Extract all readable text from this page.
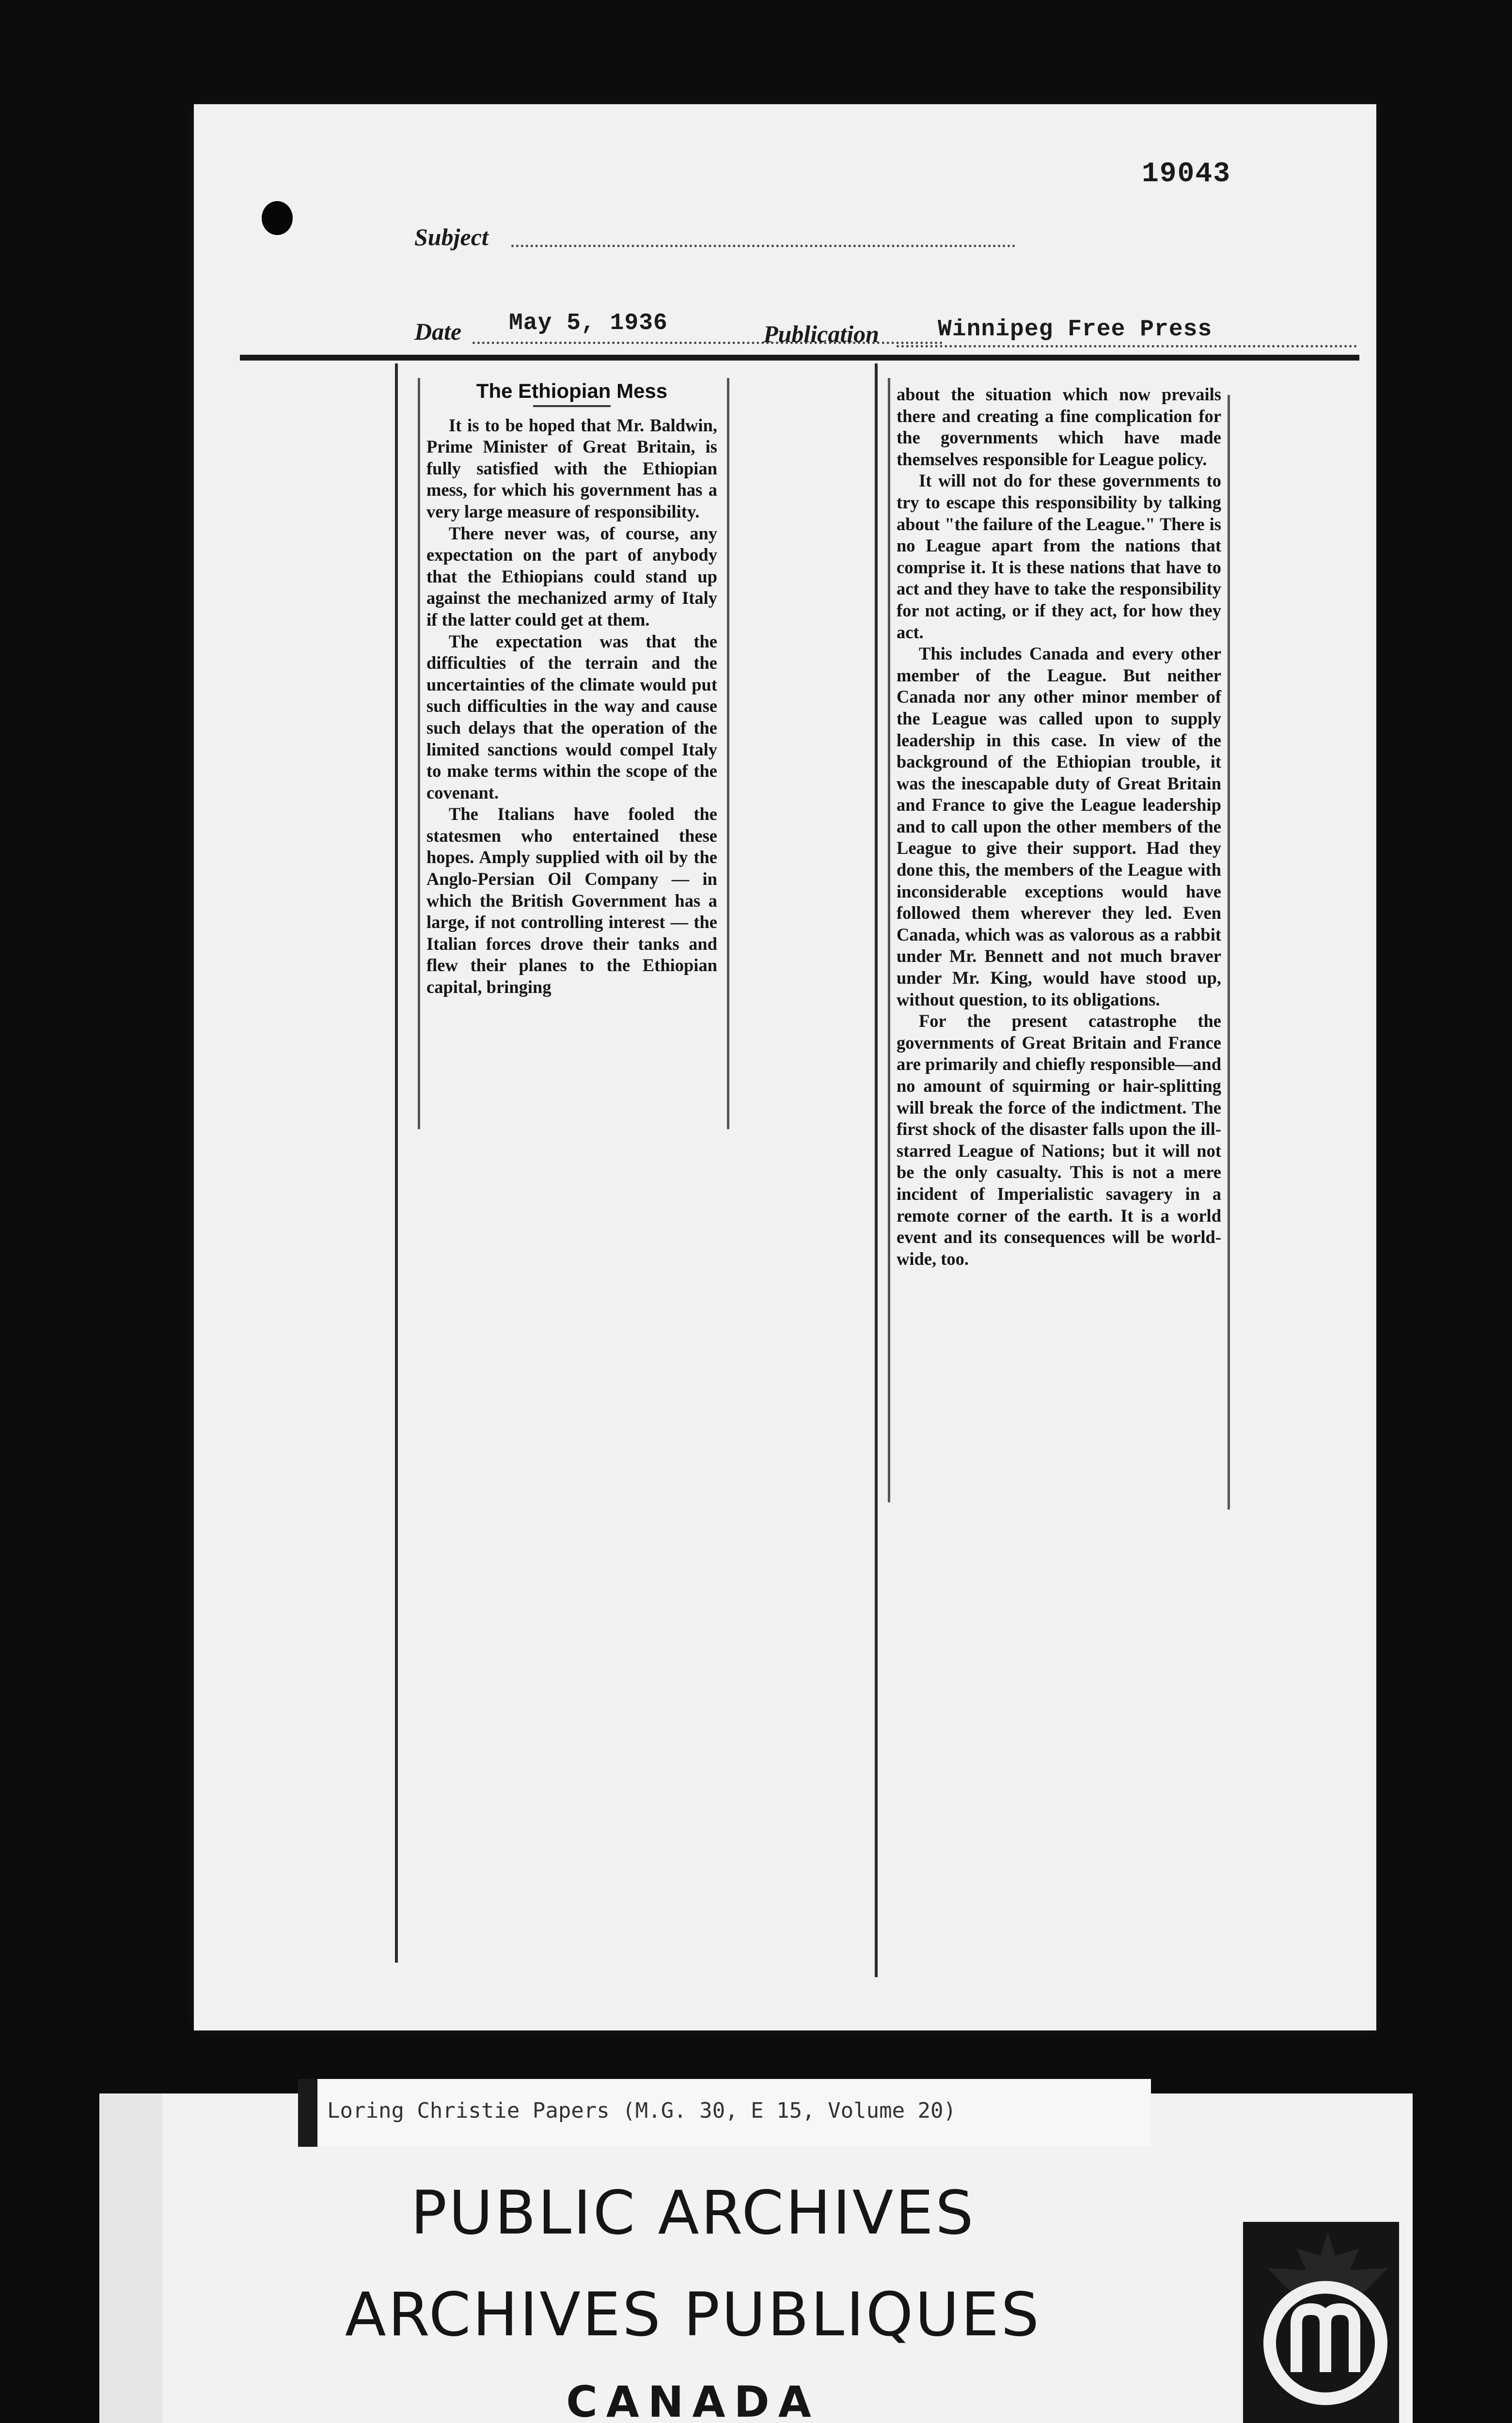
19043
Subject
Date May 5, 1936	Publication	Winnipeg Free Press
The Ethiopian Mess

It is to be hoped that Mr. Baldwin, Prime Minister of Great Britain, is fully satisfied with the Ethiopian mess, for which his government has a very large measure of responsibility.

There never was, of course, any expectation on the part of anybody that the Ethiopians could stand up against the mechanized army of Italy if the latter could get at them.

The expectation was that the difficulties of the terrain and the uncertainties of the climate would put such difficulties in the way and cause such delays that the operation of the limited sanctions would compel Italy to make terms within the scope of the covenant.

The Italians have fooled the statesmen who entertained these hopes. Amply supplied with oil by the Anglo-Persian Oil Company — in which the British Government has a large, if not controlling interest — the Italian forces drove their tanks and flew their planes to the Ethiopian capital, bringing

about the situation which now prevails there and creating a fine complication for the governments which have made themselves responsible for League policy.

It will not do for these governments to try to escape this responsibility by talking about "the failure of the League." There is no League apart from the nations that comprise it. It is these nations that have to act and they have to take the responsibility for not acting, or if they act, for how they act.

This includes Canada and every other member of the League. But neither Canada nor any other minor member of the League was called upon to supply leadership in this case. In view of the background of the Ethiopian trouble, it was the inescapable duty of Great Britain and France to give the League leadership and to call upon the other members of the League to give their support. Had they done this, the members of the League with inconsiderable exceptions would have followed them wherever they led. Even Canada, which was as valorous as a rabbit under Mr. Bennett and not much braver under Mr. King, would have stood up, without question, to its obligations.

For the present catastrophe the governments of Great Britain and France are primarily and chiefly responsible—and no amount of squirming or hair-splitting will break the force of the indictment. The first shock of the disaster falls upon the ill-starred League of Nations; but it will not be the only casualty. This is not a mere incident of Imperialistic savagery in a remote corner of the earth. It is a world event and its consequences will be world-wide, too.

PUBLIC ARCHIVES
ARCHIVES PUBLIQUES
CANADA
Loring Christie Papers (M.G. 30, E 15, Volume 20)
